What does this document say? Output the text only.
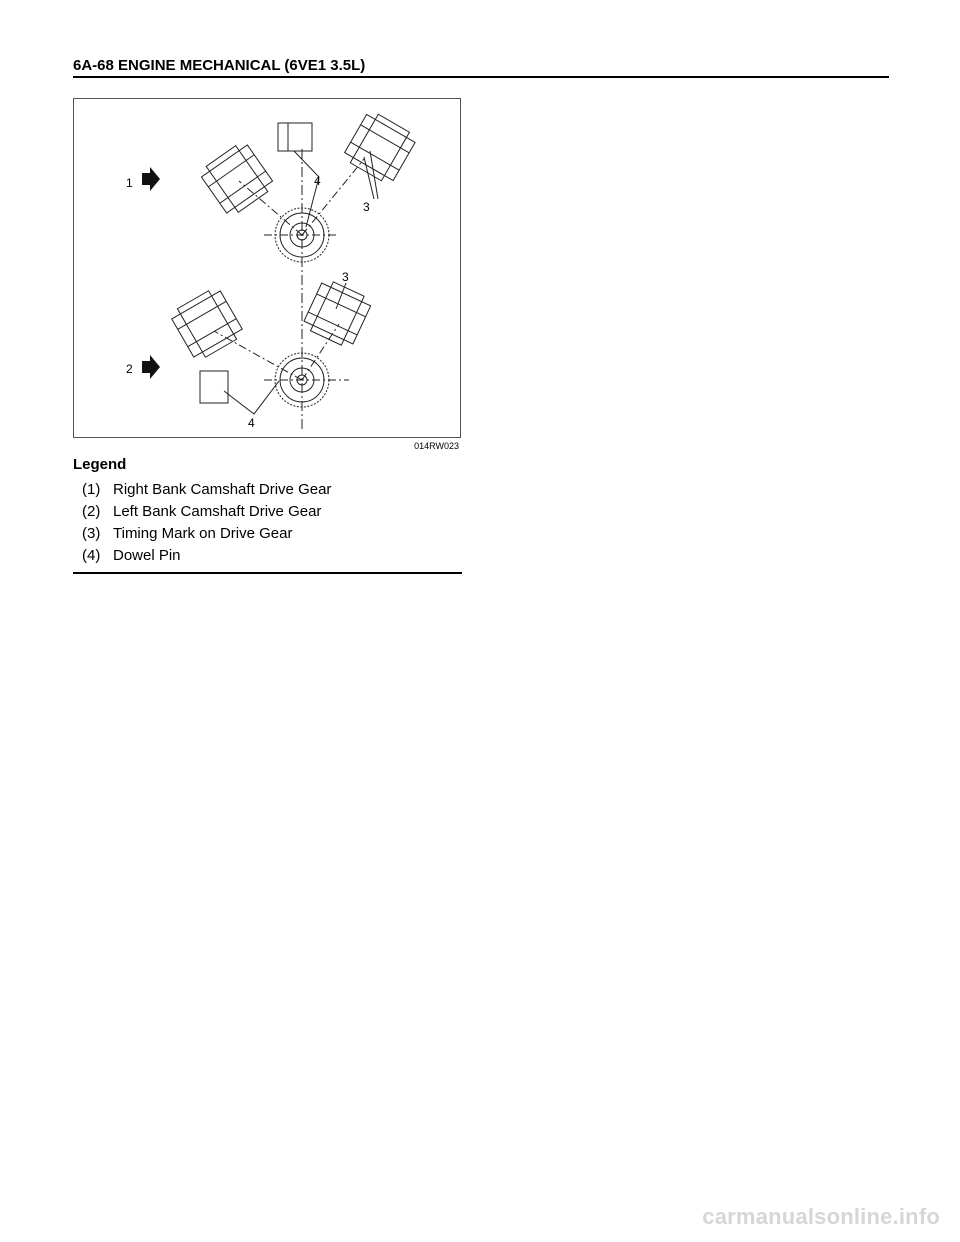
6A-68 ENGINE MECHANICAL (6VE1 3.5L)
1
2
4
3
3
4
014RW023
Legend
(1) Right Bank Camshaft Drive Gear
(2) Left Bank Camshaft Drive Gear
(3) Timing Mark on Drive Gear
(4) Dowel Pin
carmanualsonline.info
